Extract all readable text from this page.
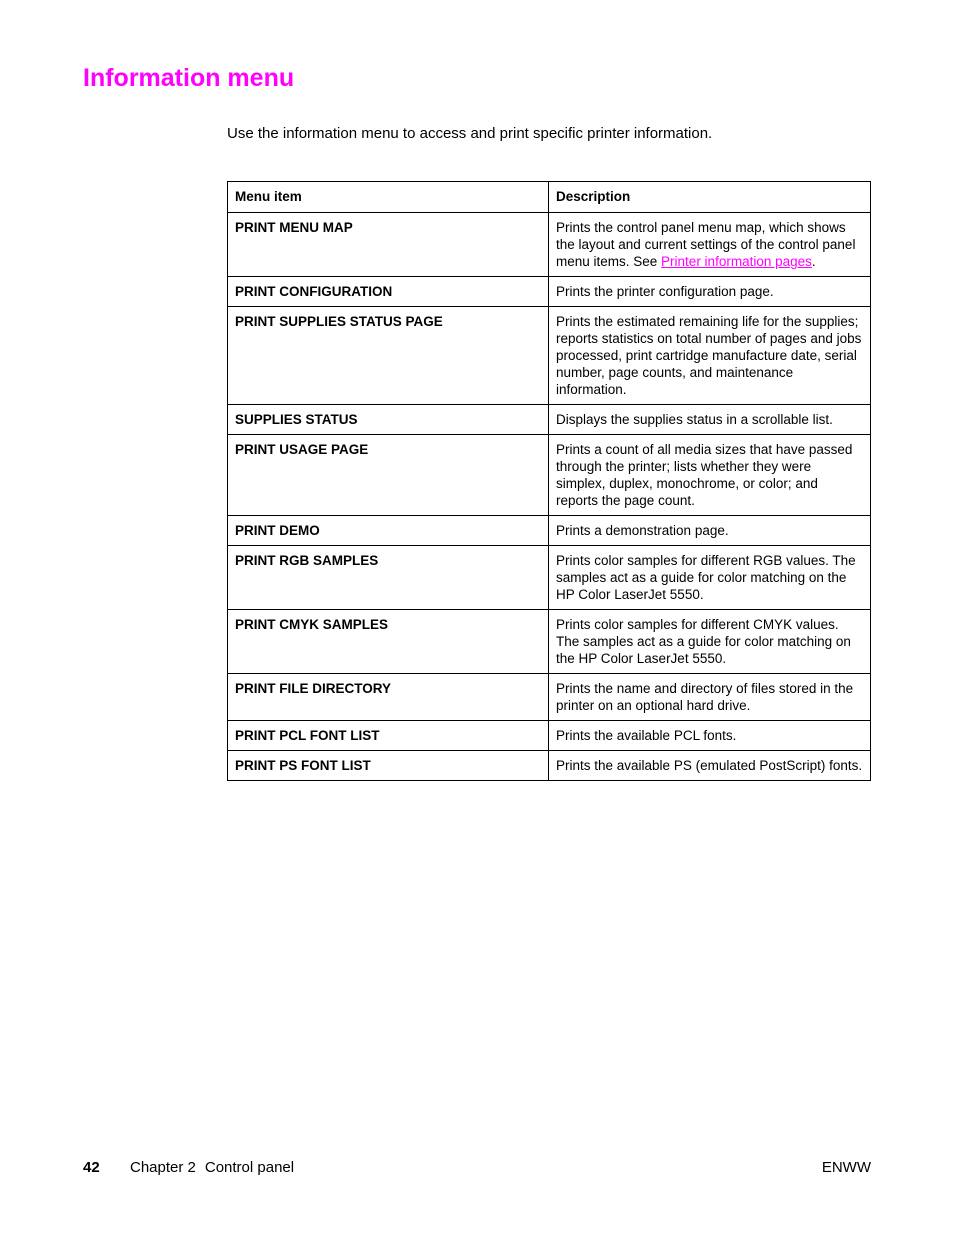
Information menu

Use the information menu to access and print specific printer information.

Menu item	Description
PRINT MENU MAP	Prints the control panel menu map, which shows the layout and current settings of the control panel menu items. See Printer information pages.
PRINT CONFIGURATION	Prints the printer configuration page.
PRINT SUPPLIES STATUS PAGE	Prints the estimated remaining life for the supplies; reports statistics on total number of pages and jobs processed, print cartridge manufacture date, serial number, page counts, and maintenance information.
SUPPLIES STATUS	Displays the supplies status in a scrollable list.
PRINT USAGE PAGE	Prints a count of all media sizes that have passed through the printer; lists whether they were simplex, duplex, monochrome, or color; and reports the page count.
PRINT DEMO	Prints a demonstration page.
PRINT RGB SAMPLES	Prints color samples for different RGB values. The samples act as a guide for color matching on the HP Color LaserJet 5550.
PRINT CMYK SAMPLES	Prints color samples for different CMYK values. The samples act as a guide for color matching on the HP Color LaserJet 5550.
PRINT FILE DIRECTORY	Prints the name and directory of files stored in the printer on an optional hard drive.
PRINT PCL FONT LIST	Prints the available PCL fonts.
PRINT PS FONT LIST	Prints the available PS (emulated PostScript) fonts.
42 Chapter 2 Control panel	ENWW
